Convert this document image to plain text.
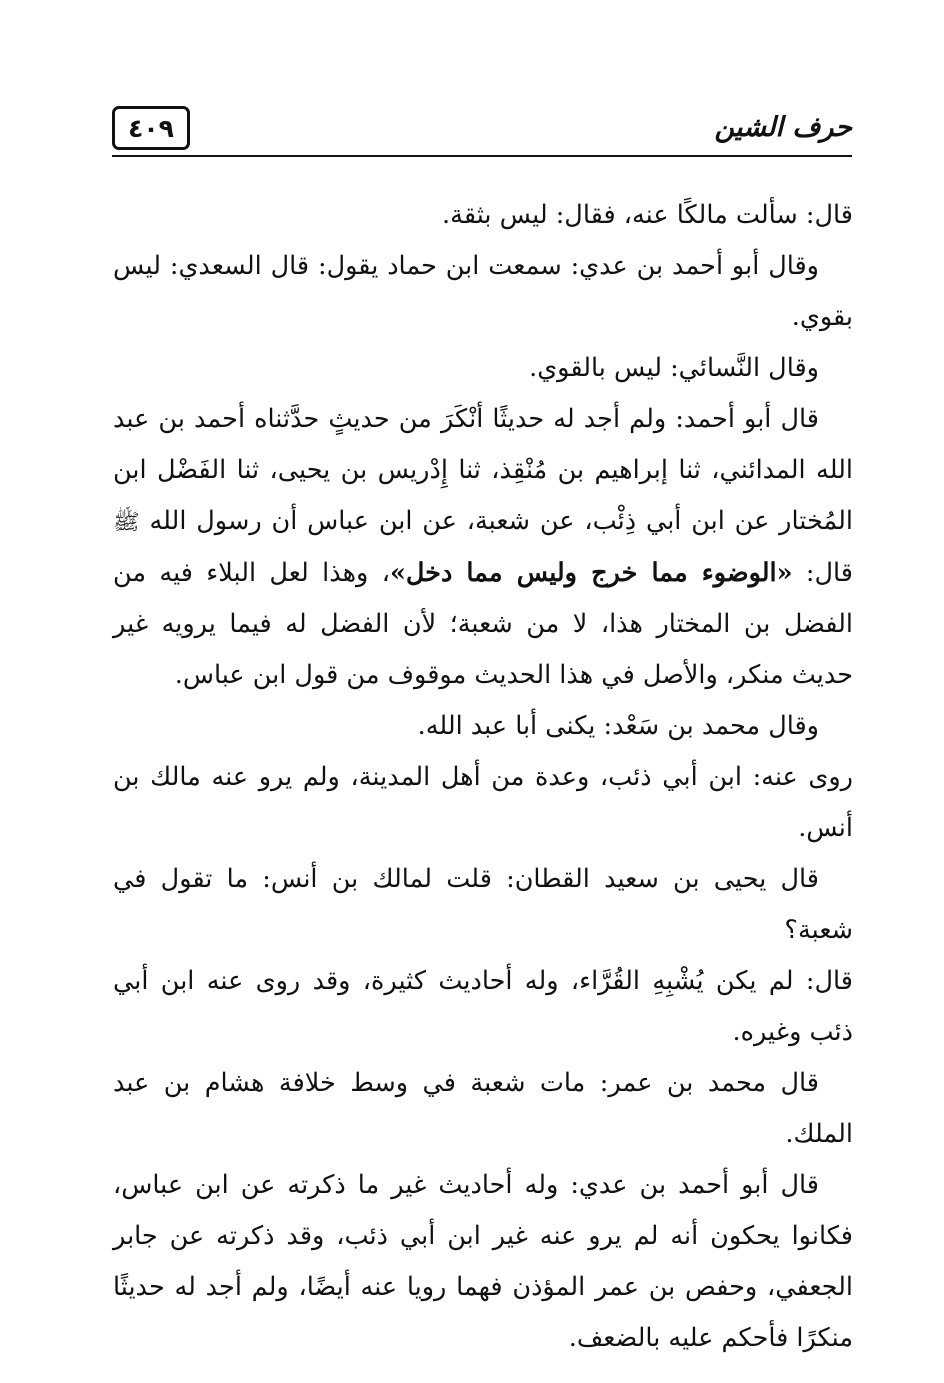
٤٠٩	حرف الشين

قال: سألت مالكًا عنه، فقال: ليس بثقة.

وقال أبو أحمد بن عدي: سمعت ابن حماد يقول: قال السعدي: ليس بقوي.

وقال النَّسائي: ليس بالقوي.

قال أبو أحمد: ولم أجد له حديثًا أنْكَرَ من حديثٍ حدَّثناه أحمد بن عبد الله المدائني، ثنا إبراهيم بن مُنْقِذ، ثنا إِدْريس بن يحيى، ثنا الفَضْل ابن المُختار عن ابن أبي ذِئْب، عن شعبة، عن ابن عباس أن رسول الله ﷺ قال: «الوضوء مما خرج وليس مما دخل»، وهذا لعل البلاء فيه من الفضل بن المختار هذا، لا من شعبة؛ لأن الفضل له فيما يرويه غير حديث منكر، والأصل في هذا الحديث موقوف من قول ابن عباس.

وقال محمد بن سَعْد: يكنى أبا عبد الله.

روى عنه: ابن أبي ذئب، وعدة من أهل المدينة، ولم يرو عنه مالك بن أنس.

قال يحيى بن سعيد القطان: قلت لمالك بن أنس: ما تقول في شعبة؟

قال: لم يكن يُشْبِهِ القُرَّاء، وله أحاديث كثيرة، وقد روى عنه ابن أبي ذئب وغيره.

قال محمد بن عمر: مات شعبة في وسط خلافة هشام بن عبد الملك.

قال أبو أحمد بن عدي: وله أحاديث غير ما ذكرته عن ابن عباس، فكانوا يحكون أنه لم يرو عنه غير ابن أبي ذئب، وقد ذكرته عن جابر الجعفي، وحفص بن عمر المؤذن فهما رويا عنه أيضًا، ولم أجد له حديثًا منكرًا فأحكم عليه بالضعف.
